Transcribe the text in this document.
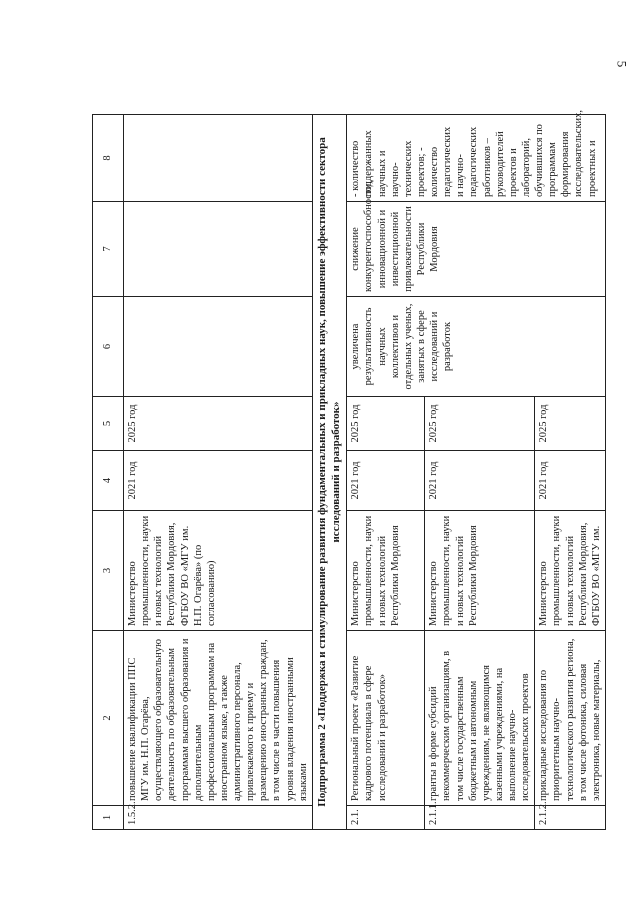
5
1	2	3	4	5	6	7	8
1.5.2.	повышение квалификации ППС МГУ им. Н.П. Огарёва, осуществляющего образовательную деятельность по образовательным программам высшего образования и дополнительным профессиональным программам на иностранном языке, а также административного персонала, привлекаемого к приему и размещению иностранных граждан, в том числе в части повышения уровня владения иностранными языками	Министерство промышленности, науки и новых технологий Республики Мордовия, ФГБОУ ВО «МГУ им. Н.П. Огарёва» (по согласованию)	2021 год	2025 год			
Подпрограмма 2 «Поддержка и стимулирование развития фундаментальных и прикладных наук, повышение эффективности сектора исследований и разработок»							
2.1.	Региональный проект «Развитие кадрового потенциала в сфере исследований и разработок»	Министерство промышленности, науки и новых технологий Республики Мордовия	2021 год	2025 год	увеличена результативность научных коллективов и отдельных ученых, занятых в сфере исследований и разработок	снижение конкурентоспособности, инновационной и инвестиционной привлекательности Республики Мордовия	- количество поддержанных научных и научно-технических проектов; - количество педагогических и научно-педагогических работников – руководителей проектов и лабораторий, обучившихся по программам формирования исследовательских, проектных и
2.1.1.	гранты в форме субсидий некоммерческим организациям, в том числе государственным бюджетным и автономным учреждениям, не являющимся казенными учреждениями, на выполнение научно-исследовательских проектов	Министерство промышленности, науки и новых технологий Республики Мордовия	2021 год	2025 год			
2.1.2.	прикладные исследования по приоритетным научно-технологического развития региона, в том числе фотоника, силовая электроника, новые материалы,	Министерство промышленности, науки и новых технологий Республики Мордовия, ФГБОУ ВО «МГУ им.	2021 год	2025 год			
